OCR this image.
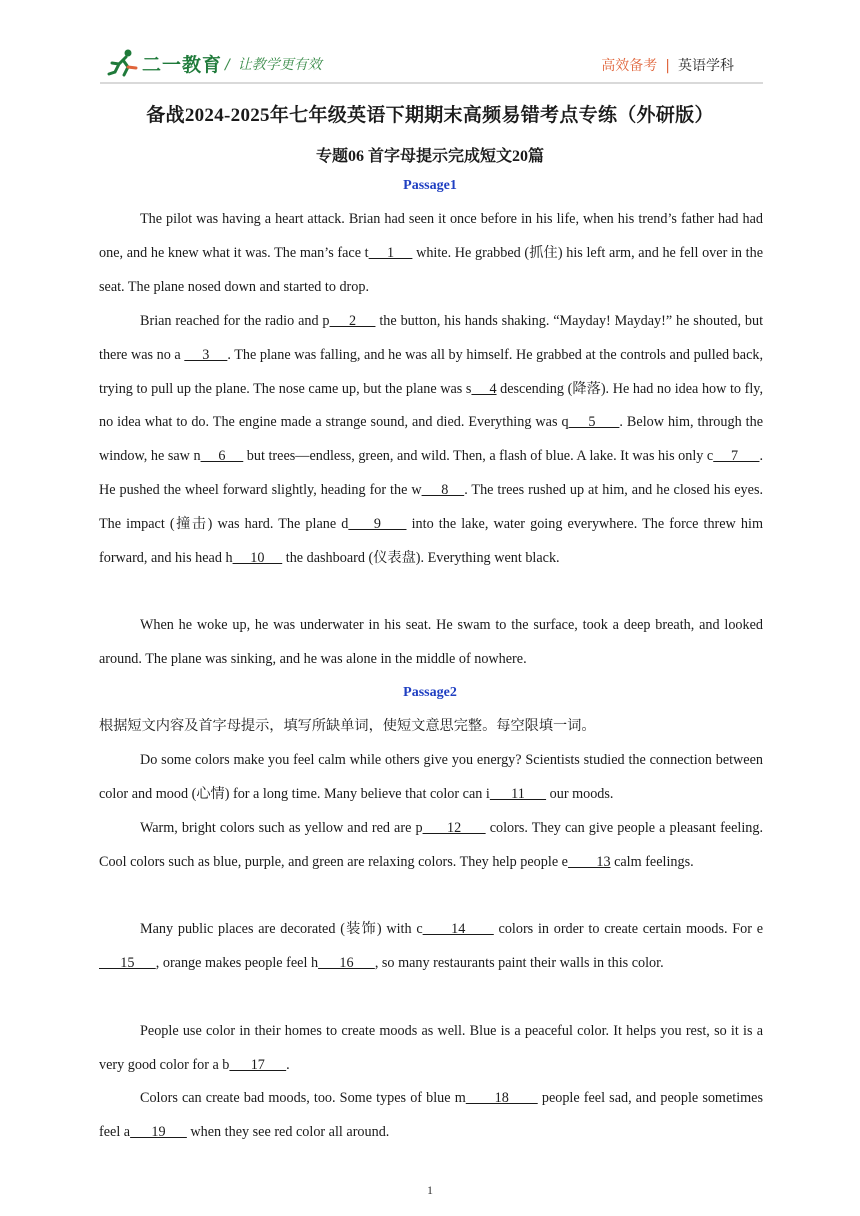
二一教育 / 让教学更有效	高效备考 | 英语学科
备战2024-2025年七年级英语下期期末高频易错考点专练（外研版）
专题06 首字母提示完成短文20篇
Passage1

The pilot was having a heart attack. Brian had seen it once before in his life, when his trend’s father had had one, and he knew what it was. The man’s face t     1      white. He grabbed (抓住) his left arm, and he fell over in the seat. The plane nosed down and started to drop.

Brian reached for the radio and p     2      the button, his hands shaking. “Mayday! Mayday!” he shouted, but there was no a      3     . The plane was falling, and he was all by himself. He grabbed at the controls and pulled back, trying to pull up the plane. The nose came up, but the plane was s     4 descending (降落). He had no idea how to fly, no idea what to do. The engine made a strange sound, and died. Everything was q     5      . Below him, through the window, he saw n     6      but trees—endless, green, and wild. Then, a flash of blue. A lake. It was his only c     7      . He pushed the wheel forward slightly, heading for the w     8    . The trees rushed up at him, and he closed his eyes. The impact (撞击) was hard. The plane d     9      into the lake, water going everywhere. The force threw him forward, and his head h     10      the dashboard (仪表盘). Everything went black.

When he woke up, he was underwater in his seat. He swam to the surface, took a deep breath, and looked around. The plane was sinking, and he was alone in the middle of nowhere.

Passage2

根据短文内容及首字母提示，填写所缺单词，使短文意思完整。每空限填一词。

Do some colors make you feel calm while others give you energy? Scientists studied the connection between color and mood (心情) for a long time. Many believe that color can i      11       our moods.

Warm, bright colors such as yellow and red are p      12       colors. They can give people a pleasant feeling. Cool colors such as blue, purple, and green are relaxing colors. They help people e        13 calm feelings.

Many public places are decorated (装饰) with c      14       colors in order to create certain moods. For e      15      , orange makes people feel h      16      , so many restaurants paint their walls in this color.

People use color in their homes to create moods as well. Blue is a peaceful color. It helps you rest, so it is a very good color for a b      17      .

Colors can create bad moods, too. Some types of blue m       18        people feel sad, and people sometimes feel a      19       when they see red color all around.

1
